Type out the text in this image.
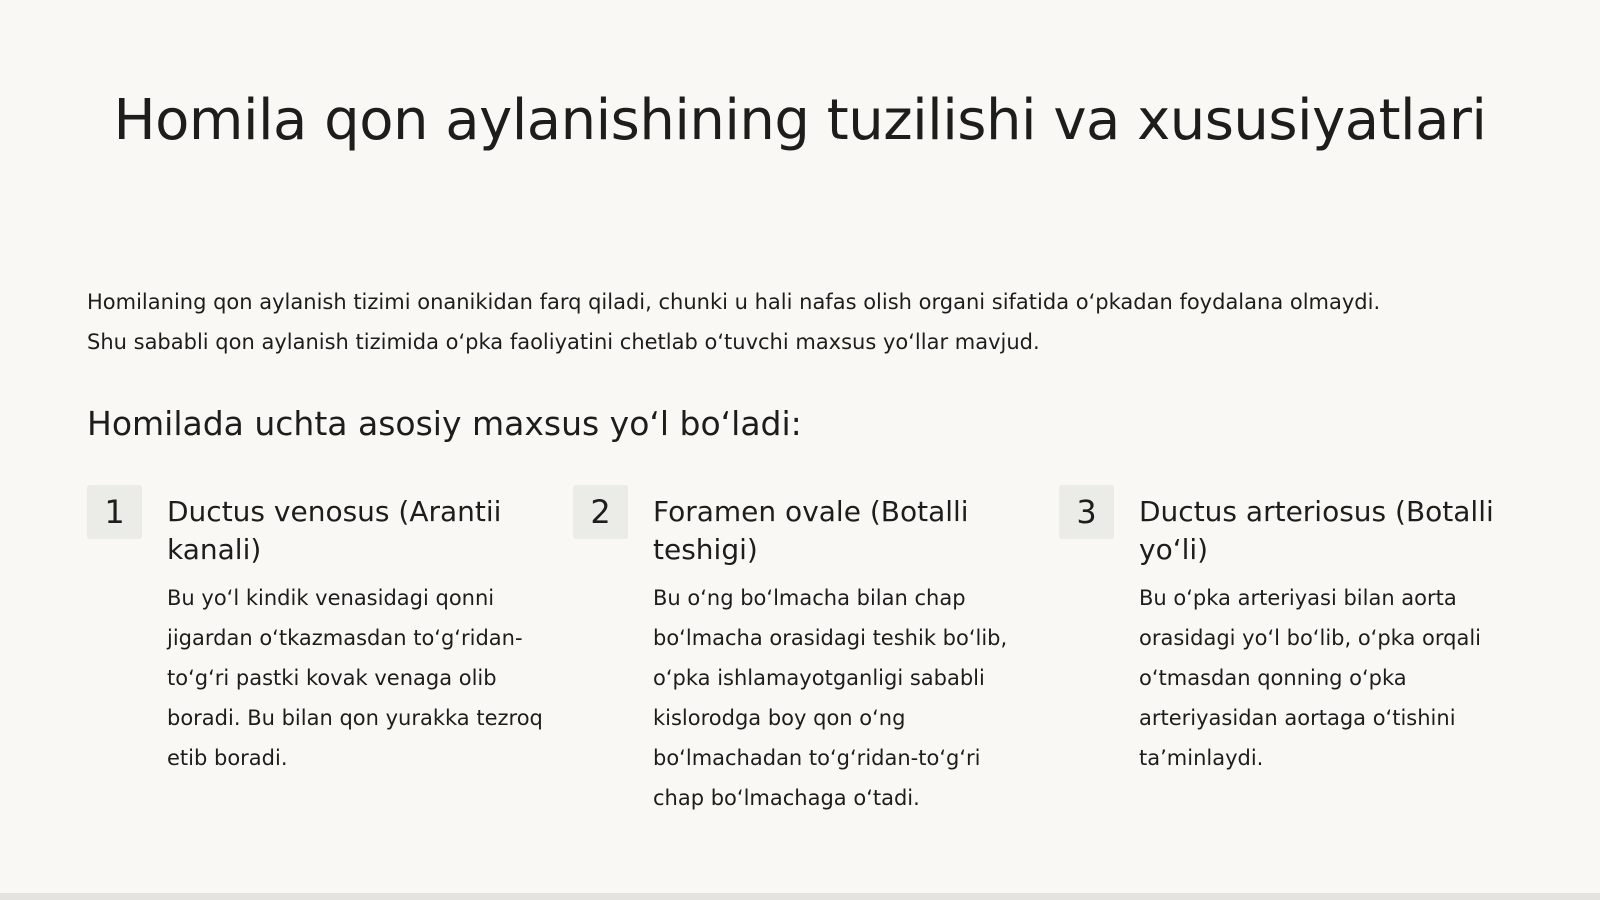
Homila qon aylanishining tuzilishi va xususiyatlari

Homilaning qon aylanish tizimi onanikidan farq qiladi, chunki u hali nafas olish organi sifatida o‘pkadan foydalana olmaydi.

Shu sababli qon aylanish tizimida o‘pka faoliyatini chetlab o‘tuvchi maxsus yo‘llar mavjud.

Homilada uchta asosiy maxsus yo‘l bo‘ladi:
1	Ductus venosus (Arantii kanali)

Bu yo‘l kindik venasidagi qonni jigardan o‘tkazmasdan to‘g‘ridan-to‘g‘ri pastki kovak venaga olib boradi. Bu bilan qon yurakka tezroq etib boradi.

2	Foramen ovale (Botalli teshigi)

Bu o‘ng bo‘lmacha bilan chap bo‘lmacha orasidagi teshik bo‘lib, o‘pka ishlamayotganligi sababli kislorodga boy qon o‘ng bo‘lmachadan to‘g‘ridan-to‘g‘ri chap bo‘lmachaga o‘tadi.

3	Ductus arteriosus (Botalli yo‘li)

Bu o‘pka arteriyasi bilan aorta orasidagi yo‘l bo‘lib, o‘pka orqali o‘tmasdan qonning o‘pka arteriyasidan aortaga o‘tishini ta’minlaydi.
